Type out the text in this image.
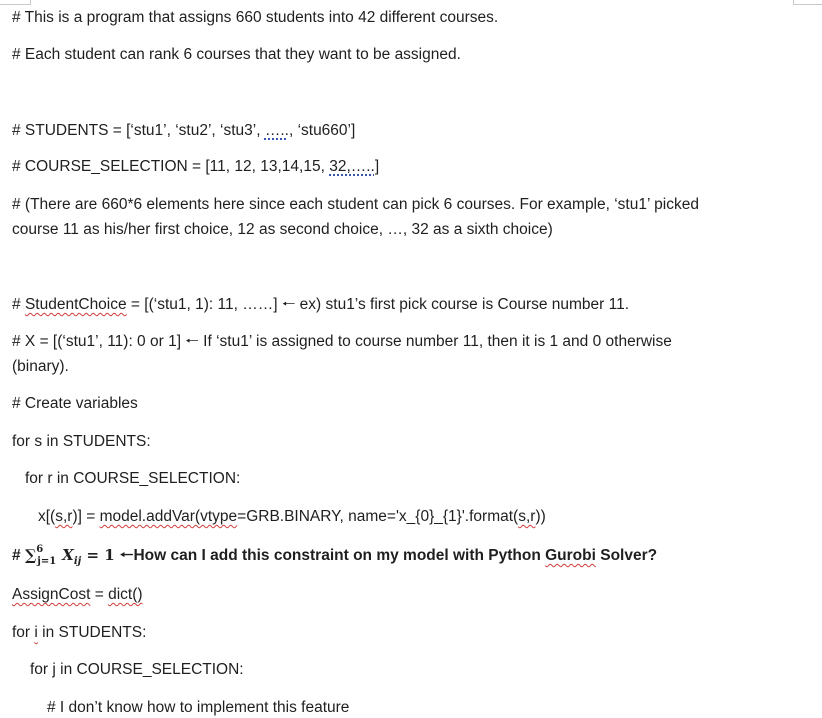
# This is a program that assigns 660 students into 42 different courses.
# Each student can rank 6 courses that they want to be assigned.
# STUDENTS = [‘stu1’, ‘stu2’, ‘stu3’, ….., ‘stu660’]
# COURSE_SELECTION = [11, 12, 13,14,15, 32,…..]
# (There are 660*6 elements here since each student can pick 6 courses. For example, ‘stu1’ picked
course 11 as his/her first choice, 12 as second choice, …, 32 as a sixth choice)
# StudentChoice = [(‘stu1, 1): 11, ……] 🠐 ex) stu1’s first pick course is Course number 11.
# X = [(‘stu1’, 11): 0 or 1] 🠐 If ‘stu1’ is assigned to course number 11, then it is 1 and 0 otherwise
(binary).
# Create variables
for s in STUDENTS:
for r in COURSE_SELECTION:
x[(s,r)] = model.addVar(vtype=GRB.BINARY, name='x_{0}_{1}'.format(s,r))
# ∑$^6_{j=1}$ $X_{ij} = 1$ 🠐How can I add this constraint on my model with Python Gurobi Solver?
AssignCost = dict()
for i in STUDENTS:
for j in COURSE_SELECTION:
# I don’t know how to implement this feature
